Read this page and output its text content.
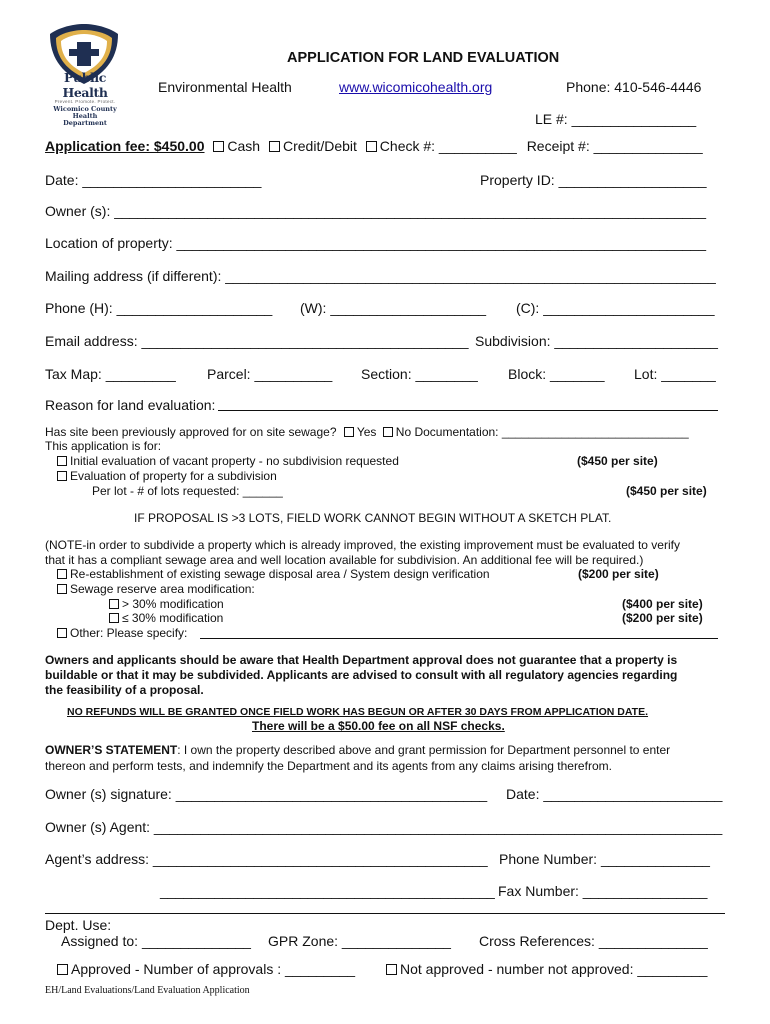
Public Health
Prevent. Promote. Protect.
Wicomico County
Health Department
APPLICATION FOR LAND EVALUATION
Environmental Health	www.wicomicohealth.org	Phone: 410-546-4446
LE #: ________________
Application fee: $450.00 Cash Credit/Debit Check #: __________ Receipt #: ______________
Date: _______________________	Property ID: ___________________
Owner (s): ____________________________________________________________________________
Location of property: ____________________________________________________________________
Mailing address (if different): _______________________________________________________________
Phone (H): ____________________ (W): ____________________ (C): ______________________
Email address: __________________________________________ Subdivision: _____________________
Tax Map: _________ Parcel: __________ Section: ________ Block: _______ Lot: _______
Reason for land evaluation:
Has site been previously approved for on site sewage? Yes No Documentation: ____________________________
This application is for:
Initial evaluation of vacant property - no subdivision requested	($450 per site)
Evaluation of property for a subdivision
Per lot - # of lots requested: ______	($450 per site)
IF PROPOSAL IS >3 LOTS, FIELD WORK CANNOT BEGIN WITHOUT A SKETCH PLAT.
(NOTE-in order to subdivide a property which is already improved, the existing improvement must be evaluated to verify
that it has a compliant sewage area and well location available for subdivision. An additional fee will be required.)
Re-establishment of existing sewage disposal area / System design verification	($200 per site)
Sewage reserve area modification:
> 30% modification	($400 per site)
≤ 30% modification	($200 per site)
Other: Please specify:
Owners and applicants should be aware that Health Department approval does not guarantee that a property is
buildable or that it may be subdivided. Applicants are advised to consult with all regulatory agencies regarding
the feasibility of a proposal.
NO REFUNDS WILL BE GRANTED ONCE FIELD WORK HAS BEGUN OR AFTER 30 DAYS FROM APPLICATION DATE.
There will be a $50.00 fee on all NSF checks.
OWNER’S STATEMENT: I own the property described above and grant permission for Department personnel to enter
thereon and perform tests, and indemnify the Department and its agents from any claims arising therefrom.
Owner (s) signature: ________________________________________ Date: _______________________
Owner (s) Agent: _________________________________________________________________________
Agent’s address: ___________________________________________ Phone Number: ______________
___________________________________________ Fax Number: ________________
Dept. Use:
Assigned to: ______________ GPR Zone: ______________ Cross References: ______________
Approved - Number of approvals : _________	Not approved - number not approved: _________
EH/Land Evaluations/Land Evaluation Application
